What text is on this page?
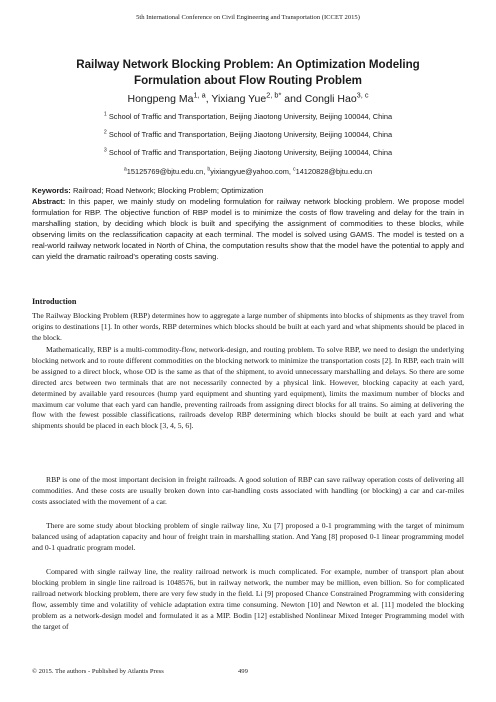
5th International Conference on Civil Engineering and Transportation (ICCET 2015)
Railway Network Blocking Problem: An Optimization Modeling
Formulation about Flow Routing Problem
Hongpeng Ma$^{1, a}$, Yixiang Yue$^{2, b*}$ and Congli Hao$^{3, c}$
$^1$ School of Traffic and Transportation, Beijing Jiaotong University, Beijing 100044, China
$^2$ School of Traffic and Transportation, Beijing Jiaotong University, Beijing 100044, China
$^3$ School of Traffic and Transportation, Beijing Jiaotong University, Beijing 100044, China
$^a$15125769@bjtu.edu.cn, $^b$yixiangyue@yahoo.com, $^c$14120828@bjtu.edu.cn
Keywords: Railroad; Road Network; Blocking Problem; Optimization
Abstract: In this paper, we mainly study on modeling formulation for railway network blocking problem. We propose model formulation for RBP. The objective function of RBP model is to minimize the costs of flow traveling and delay for the train in marshalling station, by deciding which block is built and specifying the assignment of commodities to these blocks, while observing limits on the reclassification capacity at each terminal. The model is solved using GAMS. The model is tested on a real-world railway network located in North of China, the computation results show that the model have the potential to apply and can yield the dramatic railroad’s operating costs saving.
Introduction
The Railway Blocking Problem (RBP) determines how to aggregate a large number of shipments into blocks of shipments as they travel from origins to destinations [1]. In other words, RBP determines which blocks should be built at each yard and what shipments should be placed in the block.
Mathematically, RBP is a multi-commodity-flow, network-design, and routing problem. To solve RBP, we need to design the underlying blocking network and to route different commodities on the blocking network to minimize the transportation costs [2]. In RBP, each train will be assigned to a direct block, whose OD is the same as that of the shipment, to avoid unnecessary marshalling and delays. So there are some directed arcs between two terminals that are not necessarily connected by a physical link. However, blocking capacity at each yard, determined by available yard resources (hump yard equipment and shunting yard equipment), limits the maximum number of blocks and maximum car volume that each yard can handle, preventing railroads from assigning direct blocks for all trains. So aiming at delivering the flow with the fewest possible classifications, railroads develop RBP determining which blocks should be built at each yard and what shipments should be placed in each block [3, 4, 5, 6].
RBP is one of the most important decision in freight railroads. A good solution of RBP can save railway operation costs of delivering all commodities. And these costs are usually broken down into car-handling costs associated with handling (or blocking) a car and car-miles costs associated with the movement of a car.
There are some study about blocking problem of single railway line, Xu [7] proposed a 0-1 programming with the target of minimum balanced using of adaptation capacity and hour of freight train in marshalling station. And Yang [8] proposed 0-1 linear programming model and 0-1 quadratic program model.
Compared with single railway line, the reality railroad network is much complicated. For example, number of transport plan about blocking problem in single line railroad is 1048576, but in railway network, the number may be million, even billion. So for complicated railroad network blocking problem, there are very few study in the field. Li [9] proposed Chance Constrained Programming with considering flow, assembly time and volatility of vehicle adaptation extra time consuming. Newton [10] and Newton et al. [11] modeled the blocking problem as a network-design model and formulated it as a MIP. Bodin [12] established Nonlinear Mixed Integer Programming model with the target of
© 2015. The authors - Published by Atlantis Press	499
